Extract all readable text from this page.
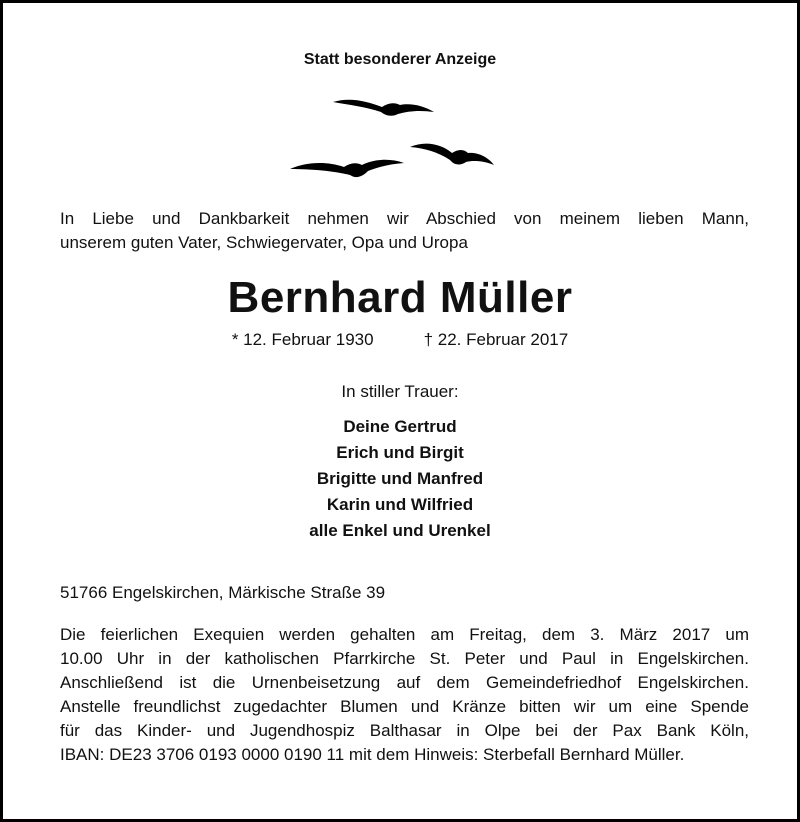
Statt besonderer Anzeige
In Liebe und Dankbarkeit nehmen wir Abschied von meinem lieben Mann,
unserem guten Vater, Schwiegervater, Opa und Uropa
Bernhard Müller
* 12. Februar 1930	† 22. Februar 2017
In stiller Trauer:
Deine Gertrud
Erich und Birgit
Brigitte und Manfred
Karin und Wilfried
alle Enkel und Urenkel
51766 Engelskirchen, Märkische Straße 39
Die feierlichen Exequien werden gehalten am Freitag, dem 3. März 2017 um
10.00 Uhr in der katholischen Pfarrkirche St. Peter und Paul in Engelskirchen.
Anschließend ist die Urnenbeisetzung auf dem Gemeindefriedhof Engelskirchen.
Anstelle freundlichst zugedachter Blumen und Kränze bitten wir um eine Spende
für das Kinder- und Jugendhospiz Balthasar in Olpe bei der Pax Bank Köln,
IBAN: DE23 3706 0193 0000 0190 11 mit dem Hinweis: Sterbefall Bernhard Müller.
